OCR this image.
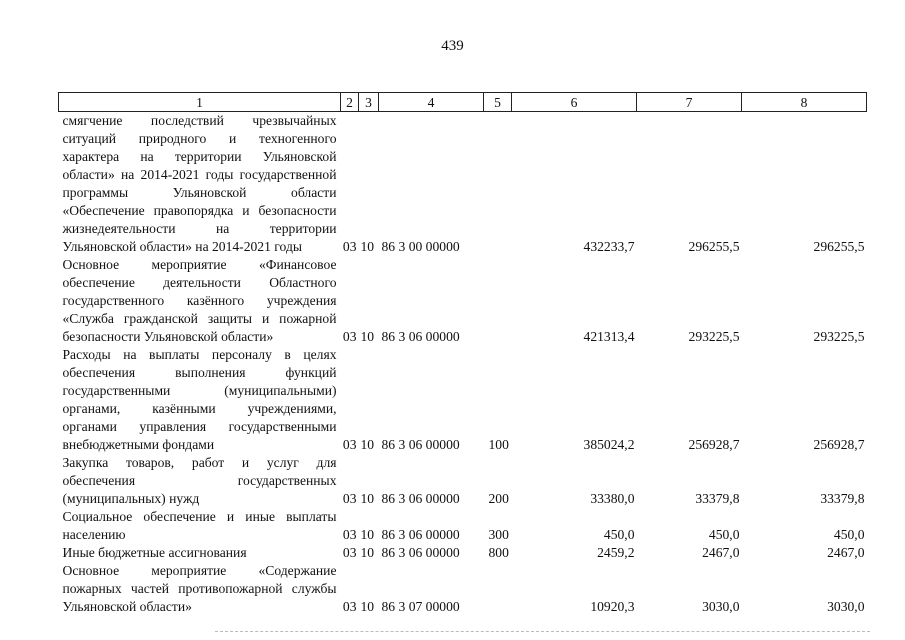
439
1	2	3	4	5	6	7	8
смягчение последствий чрезвычайных ситуаций природного и техногенного характера на территории Ульяновской области» на 2014-2021 годы государственной программы Ульяновской области «Обеспечение правопорядка и безопасности жизнедеятельности на территории Ульяновской области» на 2014-2021 годы	03	10	86 3 00 00000		432233,7	296255,5	296255,5
Основное мероприятие «Финансовое обеспечение деятельности Областного государственного казённого учреждения «Служба гражданской защиты и пожарной безопасности Ульяновской области»	03	10	86 3 06 00000		421313,4	293225,5	293225,5
Расходы на выплаты персоналу в целях обеспечения выполнения функций государственными (муниципальными) органами, казёнными учреждениями, органами управления государственными внебюджетными фондами	03	10	86 3 06 00000	100	385024,2	256928,7	256928,7
Закупка товаров, работ и услуг для обеспечения государственных (муниципальных) нужд	03	10	86 3 06 00000	200	33380,0	33379,8	33379,8
Социальное обеспечение и иные выплаты населению	03	10	86 3 06 00000	300	450,0	450,0	450,0
Иные бюджетные ассигнования	03	10	86 3 06 00000	800	2459,2	2467,0	2467,0
Основное мероприятие «Содержание пожарных частей противопожарной службы Ульяновской области»	03	10	86 3 07 00000		10920,3	3030,0	3030,0
